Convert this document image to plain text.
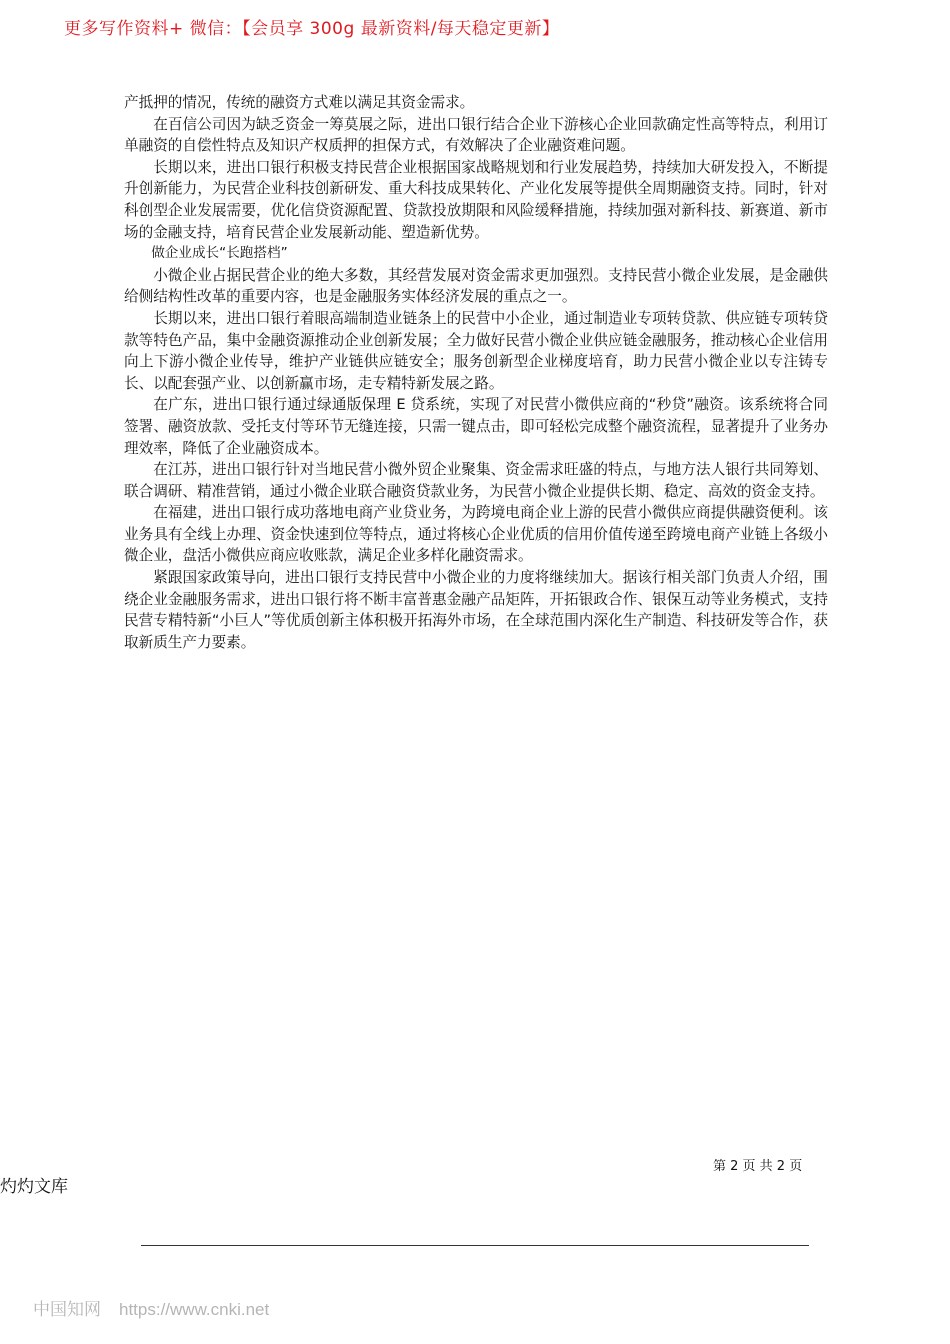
更多写作资料+ 微信：【会员享 300g 最新资料/每天稳定更新】

产抵押的情况，传统的融资方式难以满足其资金需求。

在百信公司因为缺乏资金一筹莫展之际，进出口银行结合企业下游核心企业回款确定性高等特点，利用订单融资的自偿性特点及知识产权质押的担保方式，有效解决了企业融资难问题。

长期以来，进出口银行积极支持民营企业根据国家战略规划和行业发展趋势，持续加大研发投入，不断提升创新能力，为民营企业科技创新研发、重大科技成果转化、产业化发展等提供全周期融资支持。同时，针对科创型企业发展需要，优化信贷资源配置、贷款投放期限和风险缓释措施，持续加强对新科技、新赛道、新市场的金融支持，培育民营企业发展新动能、塑造新优势。

做企业成长“长跑搭档”

小微企业占据民营企业的绝大多数，其经营发展对资金需求更加强烈。支持民营小微企业发展，是金融供给侧结构性改革的重要内容，也是金融服务实体经济发展的重点之一。

长期以来，进出口银行着眼高端制造业链条上的民营中小企业，通过制造业专项转贷款、供应链专项转贷款等特色产品，集中金融资源推动企业创新发展；全力做好民营小微企业供应链金融服务，推动核心企业信用向上下游小微企业传导，维护产业链供应链安全；服务创新型企业梯度培育，助力民营小微企业以专注铸专长、以配套强产业、以创新赢市场，走专精特新发展之路。

在广东，进出口银行通过绿通版保理 E 贷系统，实现了对民营小微供应商的“秒贷”融资。该系统将合同签署、融资放款、受托支付等环节无缝连接，只需一键点击，即可轻松完成整个融资流程，显著提升了业务办理效率，降低了企业融资成本。

在江苏，进出口银行针对当地民营小微外贸企业聚集、资金需求旺盛的特点，与地方法人银行共同筹划、联合调研、精准营销，通过小微企业联合融资贷款业务，为民营小微企业提供长期、稳定、高效的资金支持。

在福建，进出口银行成功落地电商产业贷业务，为跨境电商企业上游的民营小微供应商提供融资便利。该业务具有全线上办理、资金快速到位等特点，通过将核心企业优质的信用价值传递至跨境电商产业链上各级小微企业，盘活小微供应商应收账款，满足企业多样化融资需求。

紧跟国家政策导向，进出口银行支持民营中小微企业的力度将继续加大。据该行相关部门负责人介绍，围绕企业金融服务需求，进出口银行将不断丰富普惠金融产品矩阵，开拓银政合作、银保互动等业务模式，支持民营专精特新“小巨人”等优质创新主体积极开拓海外市场，在全球范围内深化生产制造、科技研发等合作，获取新质生产力要素。

第 2 页 共 2 页
灼灼文库
中国知网 https://www.cnki.net
